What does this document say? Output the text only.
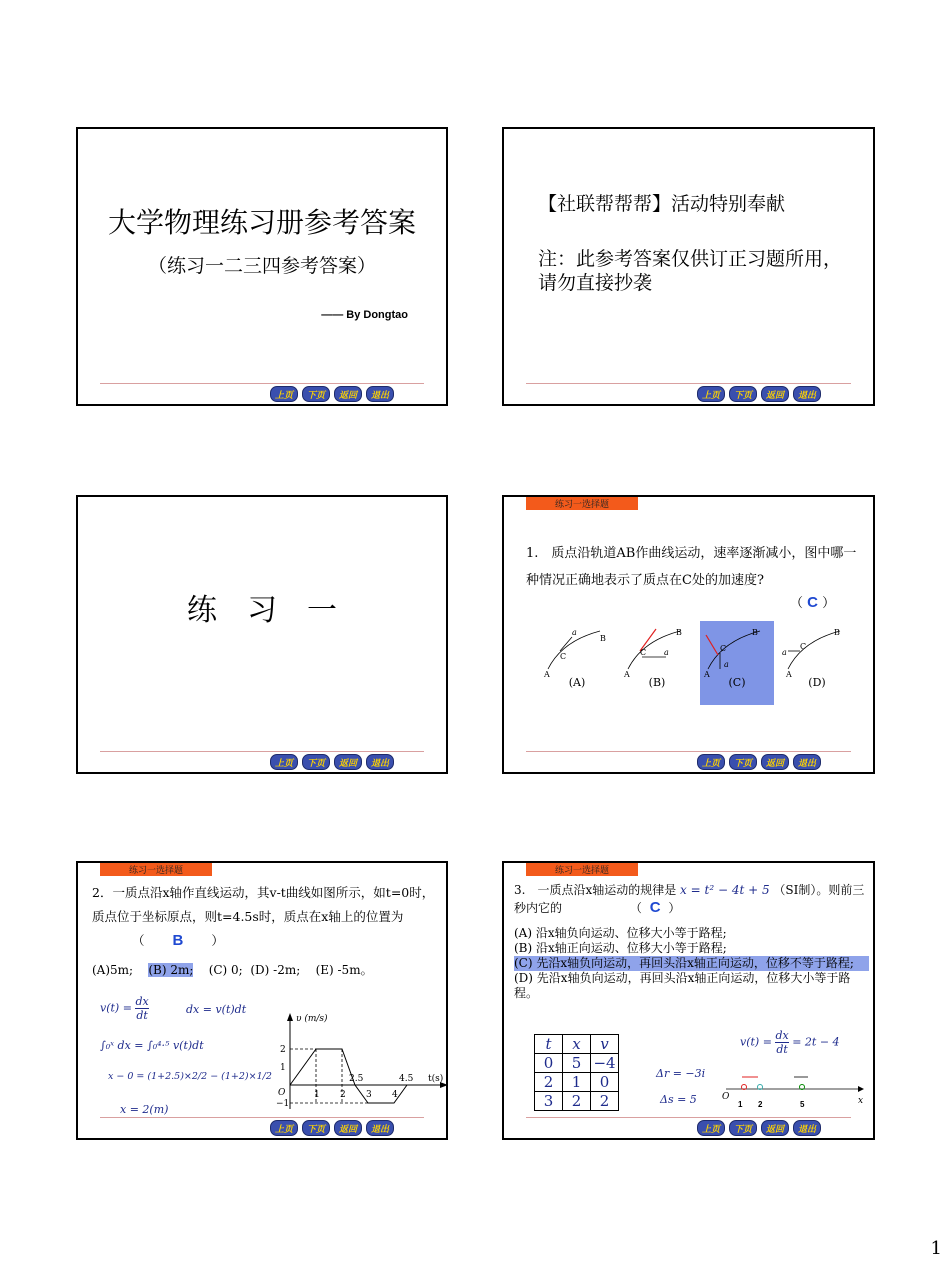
大学物理练习册参考答案
（练习一二三四参考答案）
—— By Dongtao
上页	下页	返回	退出
【社联帮帮帮】活动特别奉献
注：此参考答案仅供订正习题所用，请勿直接抄袭
上页	下页	返回	退出
练习一
上页	下页	返回	退出
练习一选择题
1.　质点沿轨道AB作曲线运动，速率逐渐减小，图中哪一种情况正确地表示了质点在C处的加速度?
（ C ）
A
C
B
a
(A)
A
C
B
a
(B)
A
C
B
a
(C)
A
C
B
a
(D)
上页	下页	返回	退出
练习一选择题
2．一质点沿x轴作直线运动，其v-t曲线如图所示，如t=0时，质点位于坐标原点，则t=4.5s时，质点在x轴上的位置为 （ B ）
(A)5m; (B) 2m; (C) 0; (D) -2m; (E) -5m。
$v(t) = \frac{dx}{dt}$	dx = v(t)dt
∫₀ˣ dx = ∫₀⁴·⁵ v(t)dt
x − 0 = (1+2.5)×2/2 − (1+2)×1/2
x = 2(m)
υ (m/s)
t(s)
O
2
1
−1
1 2
2.5
3 4
4.5
上页	下页	返回	退出
练习一选择题
3.　一质点沿x轴运动的规律是 x = t² − 4t + 5 （SI制）。则前三秒内它的	（ C ）
(A) 沿x轴负向运动、位移大小等于路程;
(B) 沿x轴正向运动、位移大小等于路程;
(C) 先沿x轴负向运动，再回头沿x轴正向运动，位移不等于路程;
(D) 先沿x轴负向运动，再回头沿x轴正向运动，位移大小等于路程。
t	x	v
0	5	−4
2	1	0
3	2	2
$v(t) = \frac{dx}{dt} = 2t - 4$
Δr = −3i
Δs = 5	O	x
1 2	5
上页	下页	返回	退出
1
